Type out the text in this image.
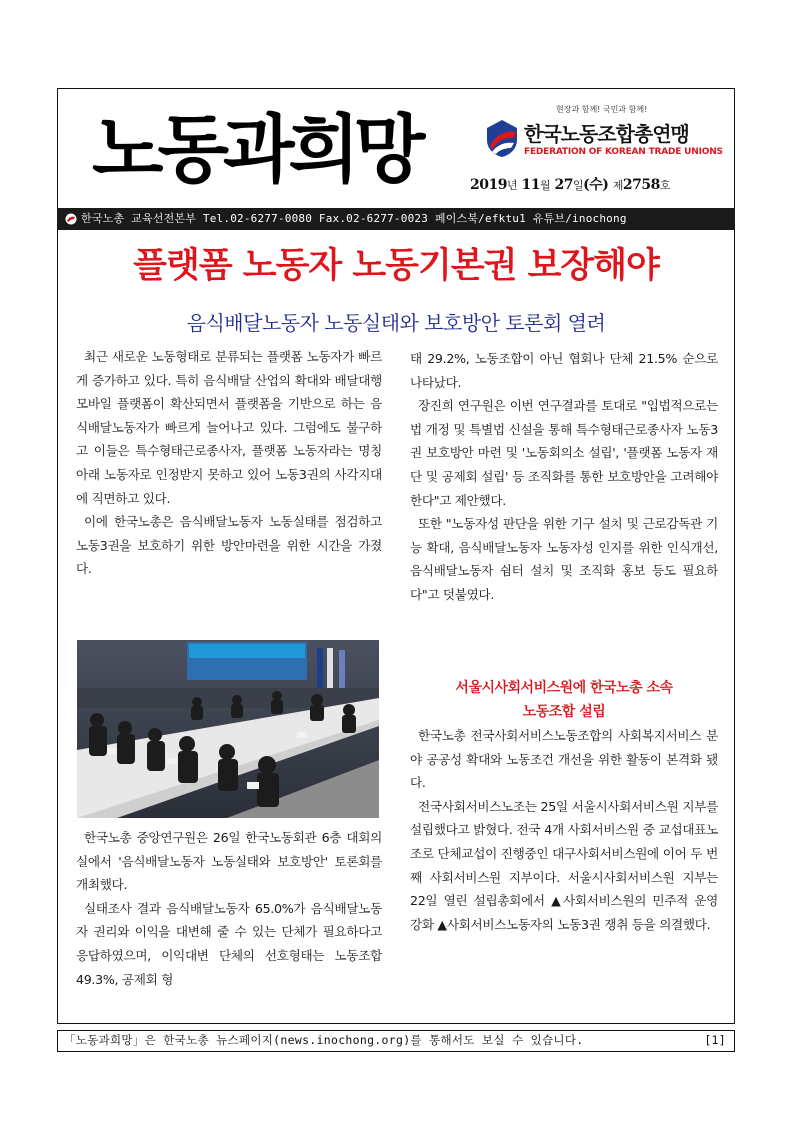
노동과희망	현장과 함께! 국민과 함께!
한국노동조합총연맹
FEDERATION OF KOREAN TRADE UNIONS
2019년 11월 27일(수) 제2758호
한국노총 교육선전본부 Tel.02-6277-0080 Fax.02-6277-0023 페이스북/efktu1 유튜브/inochong
플랫폼 노동자 노동기본권 보장해야
음식배달노동자 노동실태와 보호방안 토론회 열려

최근 새로운 노동형태로 분류되는 플랫폼 노동자가 빠르게 증가하고 있다. 특히 음식배달 산업의 확대와 배달대행 모바일 플랫폼이 확산되면서 플랫폼을 기반으로 하는 음식배달노동자가 빠르게 늘어나고 있다. 그럼에도 불구하고 이들은 특수형태근로종사자, 플랫폼 노동자라는 명칭아래 노동자로 인정받지 못하고 있어 노동3권의 사각지대에 직면하고 있다.

이에 한국노총은 음식배달노동자 노동실태를 점검하고 노동3권을 보호하기 위한 방안마련을 위한 시간을 가졌다.

한국노총 중앙연구원은 26일 한국노동회관 6층 대회의실에서 '음식배달노동자 노동실태와 보호방안' 토론회를 개최했다.

실태조사 결과 음식배달노동자 65.0%가 음식배달노동자 권리와 이익을 대변해 줄 수 있는 단체가 필요하다고 응답하였으며, 이익대변 단체의 선호형태는 노동조합 49.3%, 공제회 형

태 29.2%, 노동조합이 아닌 협회나 단체 21.5% 순으로 나타났다.

장진희 연구원은 이번 연구결과를 토대로 "입법적으로는 법 개정 및 특별법 신설을 통해 특수형태근로종사자 노동3권 보호방안 마련 및 '노동회의소 설립', '플랫폼 노동자 재단 및 공제회 설립' 등 조직화를 통한 보호방안을 고려해야 한다"고 제안했다.

또한 "노동자성 판단을 위한 기구 설치 및 근로감독관 기능 확대, 음식배달노동자 노동자성 인지를 위한 인식개선, 음식배달노동자 쉼터 설치 및 조직화 홍보 등도 필요하다"고 덧붙였다.

서울시사회서비스원에 한국노총 소속
노동조합 설립

한국노총 전국사회서비스노동조합의 사회복지서비스 분야 공공성 확대와 노동조건 개선을 위한 활동이 본격화 됐다.

전국사회서비스노조는 25일 서울시사회서비스원 지부를 설립했다고 밝혔다. 전국 4개 사회서비스원 중 교섭대표노조로 단체교섭이 진행중인 대구사회서비스원에 이어 두 번째 사회서비스원 지부이다. 서울시사회서비스원 지부는 22일 열린 설립총회에서 ▲사회서비스원의 민주적 운영 강화 ▲사회서비스노동자의 노동3권 쟁취 등을 의결했다.

「노동과희망」은 한국노총 뉴스페이지(news.inochong.org)를 통해서도 보실 수 있습니다.	[1]
